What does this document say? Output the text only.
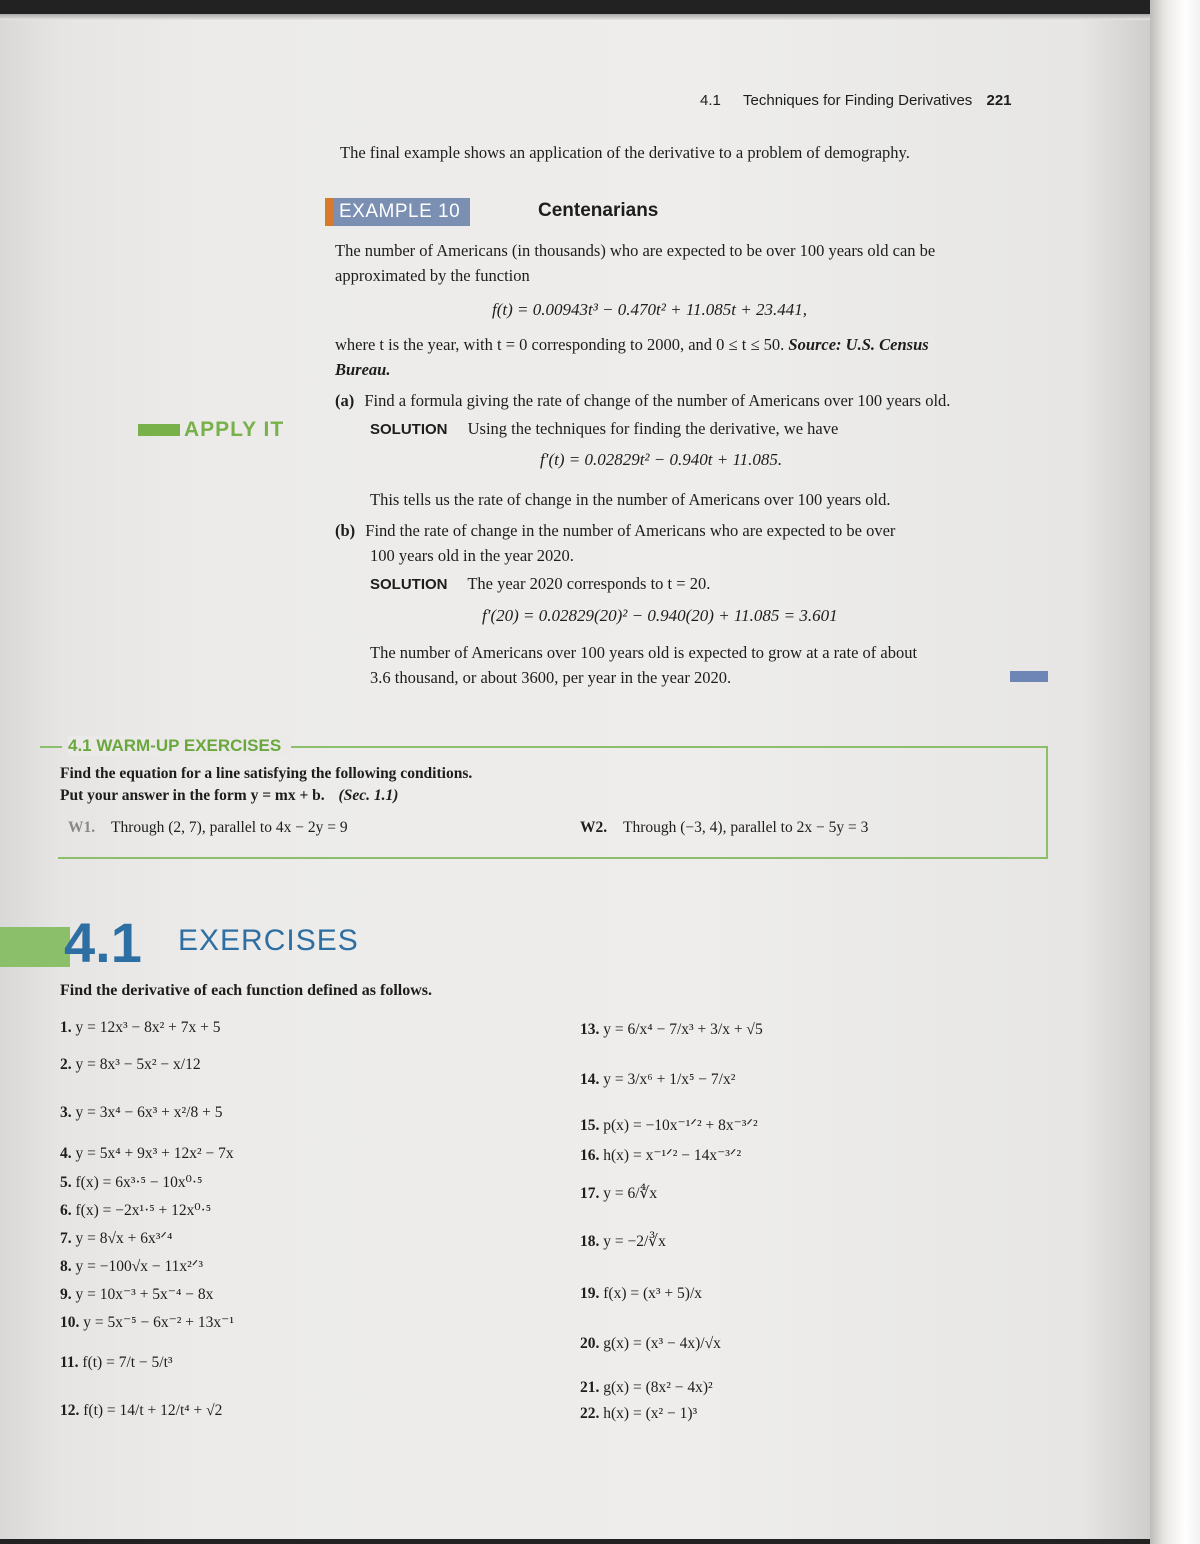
4.1 Techniques for Finding Derivatives 221
The final example shows an application of the derivative to a problem of demography.
EXAMPLE 10	Centenarians
The number of Americans (in thousands) who are expected to be over 100 years old can be
approximated by the function
f(t) = 0.00943t³ − 0.470t² + 11.085t + 23.441,
where t is the year, with t = 0 corresponding to 2000, and 0 ≤ t ≤ 50. Source: U.S. Census
Bureau.
(a) Find a formula giving the rate of change of the number of Americans over 100 years old.
APPLY IT	SOLUTION Using the techniques for finding the derivative, we have
f′(t) = 0.02829t² − 0.940t + 11.085.
This tells us the rate of change in the number of Americans over 100 years old.
(b) Find the rate of change in the number of Americans who are expected to be over
100 years old in the year 2020.
SOLUTION The year 2020 corresponds to t = 20.
f′(20) = 0.02829(20)² − 0.940(20) + 11.085 = 3.601
The number of Americans over 100 years old is expected to grow at a rate of about
3.6 thousand, or about 3600, per year in the year 2020.
4.1 WARM-UP EXERCISES
Find the equation for a line satisfying the following conditions.
Put your answer in the form y = mx + b. (Sec. 1.1)
W1. Through (2, 7), parallel to 4x − 2y = 9	W2. Through (−3, 4), parallel to 2x − 5y = 3
4.1 EXERCISES
Find the derivative of each function defined as follows.
1. y = 12x³ − 8x² + 7x + 5
2. y = 8x³ − 5x² − x/12
3. y = 3x⁴ − 6x³ + x²/8 + 5
4. y = 5x⁴ + 9x³ + 12x² − 7x
5. f(x) = 6x³·⁵ − 10x⁰·⁵
6. f(x) = −2x¹·⁵ + 12x⁰·⁵
7. y = 8√x + 6x³ᐟ⁴
8. y = −100√x − 11x²ᐟ³
9. y = 10x⁻³ + 5x⁻⁴ − 8x
10. y = 5x⁻⁵ − 6x⁻² + 13x⁻¹
11. f(t) = 7/t − 5/t³
12. f(t) = 14/t + 12/t⁴ + √2
13. y = 6/x⁴ − 7/x³ + 3/x + √5
14. y = 3/x⁶ + 1/x⁵ − 7/x²
15. p(x) = −10x⁻¹ᐟ² + 8x⁻³ᐟ²
16. h(x) = x⁻¹ᐟ² − 14x⁻³ᐟ²
17. y = 6/∜x
18. y = −2/∛x
19. f(x) = (x³ + 5)/x
20. g(x) = (x³ − 4x)/√x
21. g(x) = (8x² − 4x)²
22. h(x) = (x² − 1)³
